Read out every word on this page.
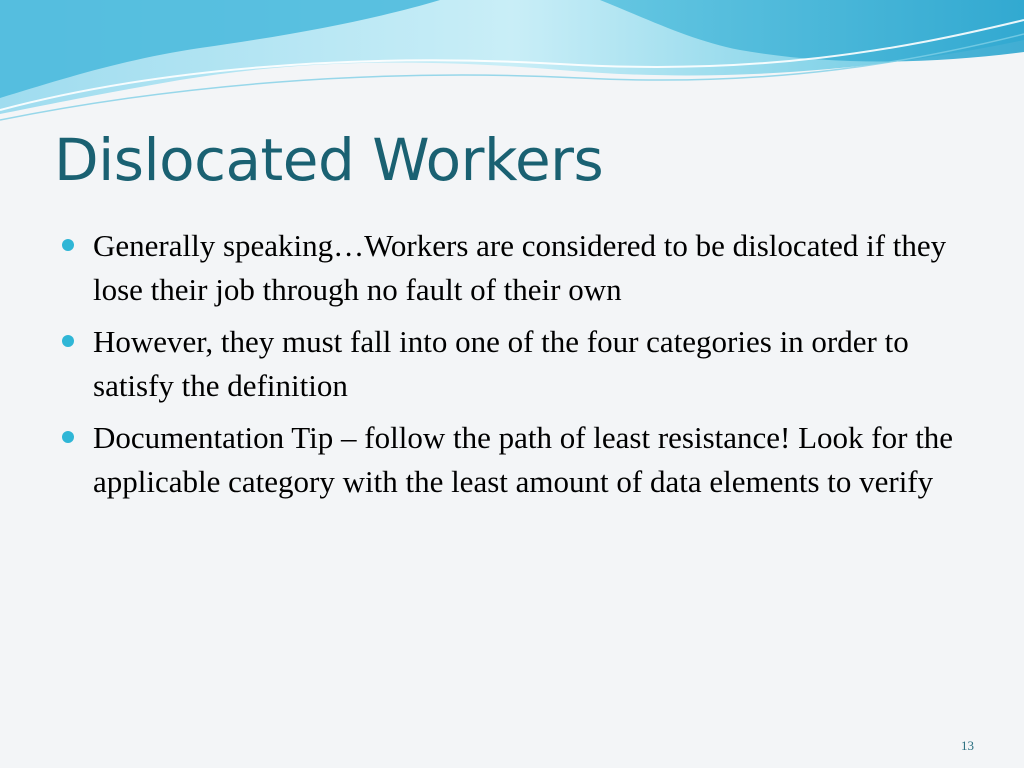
Dislocated Workers

Generally speaking…Workers are considered to be dislocated if they lose their job through no fault of their own

However, they must fall into one of the four categories in order to satisfy the definition

Documentation Tip – follow the path of least resistance! Look for the applicable category with the least amount of data elements to verify

13
